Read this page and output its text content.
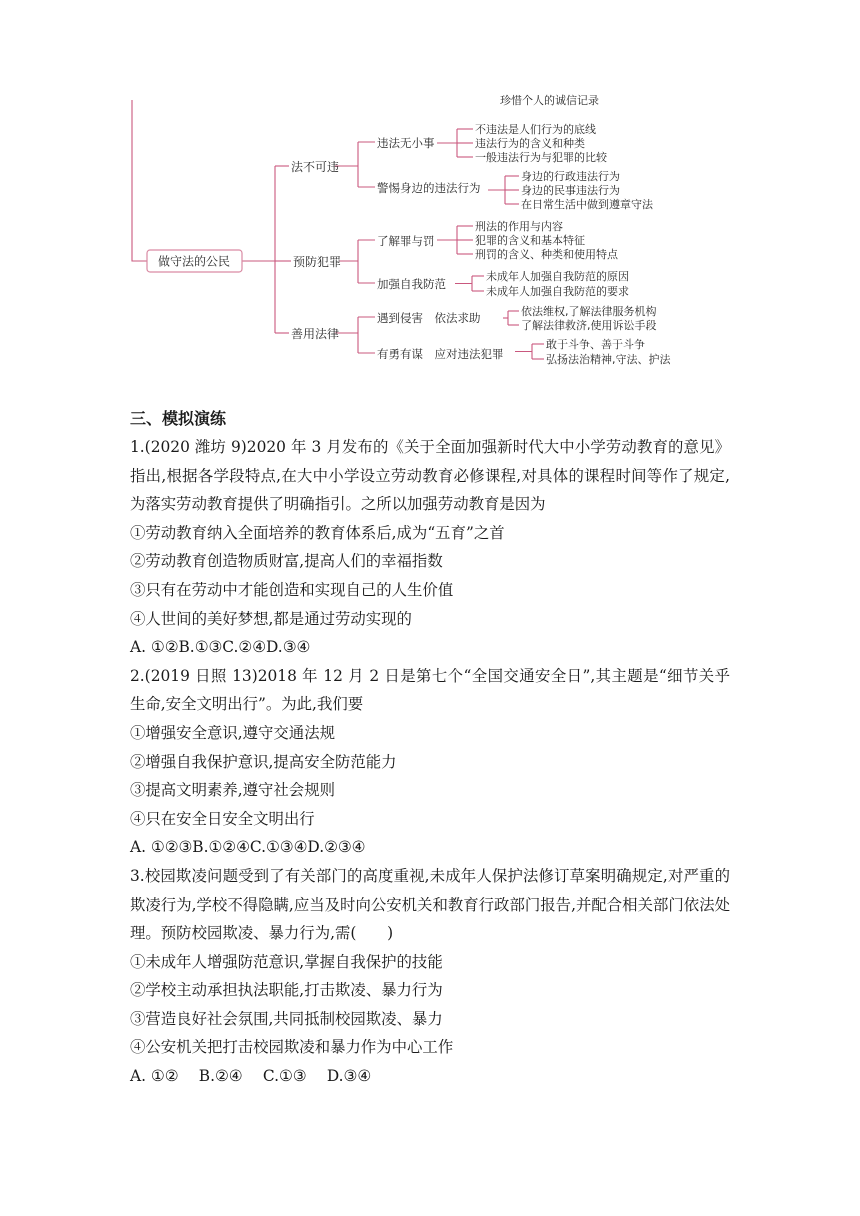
珍惜个人的诚信记录
做守法的公民
法不可违
预防犯罪
善用法律
违法无小事
警惕身边的违法行为
了解罪与罚
加强自我防范
遇到侵害　依法求助
有勇有谋　应对违法犯罪
不违法是人们行为的底线
违法行为的含义和种类
一般违法行为与犯罪的比较
身边的行政违法行为
身边的民事违法行为
在日常生活中做到遵章守法
刑法的作用与内容
犯罪的含义和基本特征
刑罚的含义、种类和使用特点
未成年人加强自我防范的原因
未成年人加强自我防范的要求
依法维权,了解法律服务机构
了解法律救济,使用诉讼手段
敢于斗争、善于斗争
弘扬法治精神,守法、护法

三、模拟演练

1.(2020 潍坊 9)2020 年 3 月发布的《关于全面加强新时代大中小学劳动教育的意见》指出,根据各学段特点,在大中小学设立劳动教育必修课程,对具体的课程时间等作了规定,为落实劳动教育提供了明确指引。之所以加强劳动教育是因为

①劳动教育纳入全面培养的教育体系后,成为“五育”之首

②劳动教育创造物质财富,提高人们的幸福指数

③只有在劳动中才能创造和实现自己的人生价值

④人世间的美好梦想,都是通过劳动实现的

A. ①②B.①③C.②④D.③④

2.(2019 日照 13)2018 年 12 月 2 日是第七个“全国交通安全日”,其主题是“细节关乎生命,安全文明出行”。为此,我们要

①增强安全意识,遵守交通法规

②增强自我保护意识,提高安全防范能力

③提高文明素养,遵守社会规则

④只在安全日安全文明出行

A. ①②③B.①②④C.①③④D.②③④

3.校园欺凌问题受到了有关部门的高度重视,未成年人保护法修订草案明确规定,对严重的欺凌行为,学校不得隐瞒,应当及时向公安机关和教育行政部门报告,并配合相关部门依法处理。预防校园欺凌、暴力行为,需(　　)

①未成年人增强防范意识,掌握自我保护的技能

②学校主动承担执法职能,打击欺凌、暴力行为

③营造良好社会氛围,共同抵制校园欺凌、暴力

④公安机关把打击校园欺凌和暴力作为中心工作

A. ①②　 B.②④　 C.①③　 D.③④
